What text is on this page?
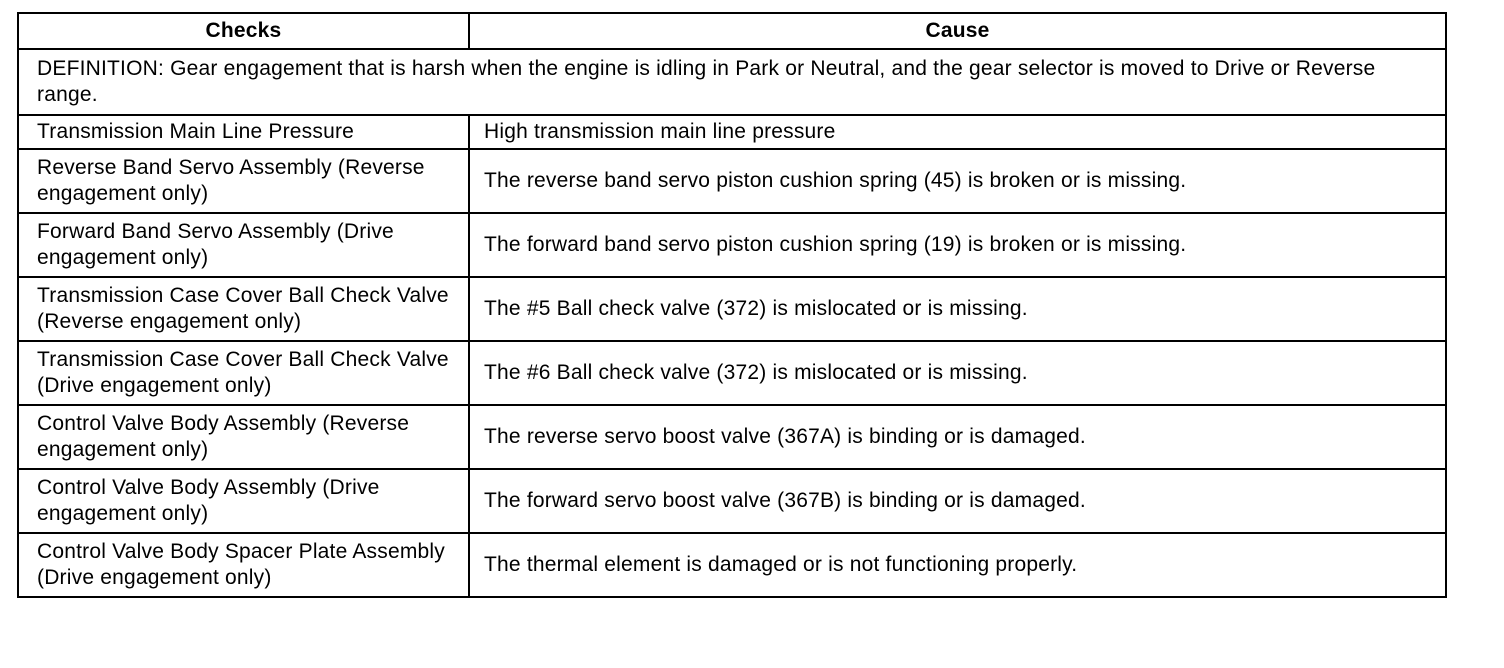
Checks	Cause
DEFINITION: Gear engagement that is harsh when the engine is idling in Park or Neutral, and the gear selector is moved to Drive or Reverse range.	
Transmission Main Line Pressure	High transmission main line pressure
Reverse Band Servo Assembly (Reverse engagement only)	The reverse band servo piston cushion spring (45) is broken or is missing.
Forward Band Servo Assembly (Drive engagement only)	The forward band servo piston cushion spring (19) is broken or is missing.
Transmission Case Cover Ball Check Valve (Reverse engagement only)	The #5 Ball check valve (372) is mislocated or is missing.
Transmission Case Cover Ball Check Valve (Drive engagement only)	The #6 Ball check valve (372) is mislocated or is missing.
Control Valve Body Assembly (Reverse engagement only)	The reverse servo boost valve (367A) is binding or is damaged.
Control Valve Body Assembly (Drive engagement only)	The forward servo boost valve (367B) is binding or is damaged.
Control Valve Body Spacer Plate Assembly (Drive engagement only)	The thermal element is damaged or is not functioning properly.
